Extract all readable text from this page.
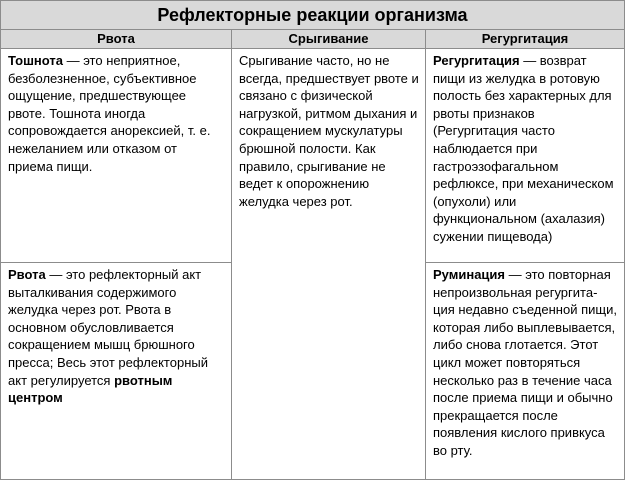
Рефлекторные реакции организма
Рвота	Срыгивание	Регургитация

Тошнота — это неприятное, безболезненное, субъективное ощущение, предшествующее рвоте. Тошнота иногда сопровождается анорексией, т. е. нежеланием или отказом от приема пищи.

Рвота — это рефлекторный акт выталкивания содержимого желудка через рот. Рвота в основном обусловливается сокращением мышц брюшного пресса; Весь этот рефлекторный акт регулируется рвотным центром

Срыгивание часто, но не всегда, предшествует рвоте и связано с физической нагрузкой, ритмом дыхания и сокращением мускулатуры брюшной полости. Как правило, срыгивание не ведет к опорожнению желудка через рот.

Регургитация — возврат пищи из желудка в ротовую полость без характерных для рвоты признаков (Регургитация часто наблюдается при гастроэзофагальном рефлюксе, при механическом (опухоли) или функциональном (ахалазия) сужении пищевода)

Руминация — это повторная непроизвольная регургита-ция недавно съеденной пищи, которая либо выплевывается, либо снова глотается. Этот цикл может повторяться несколько раз в течение часа после приема пищи и обычно прекращается после появления кислого привкуса во рту.
